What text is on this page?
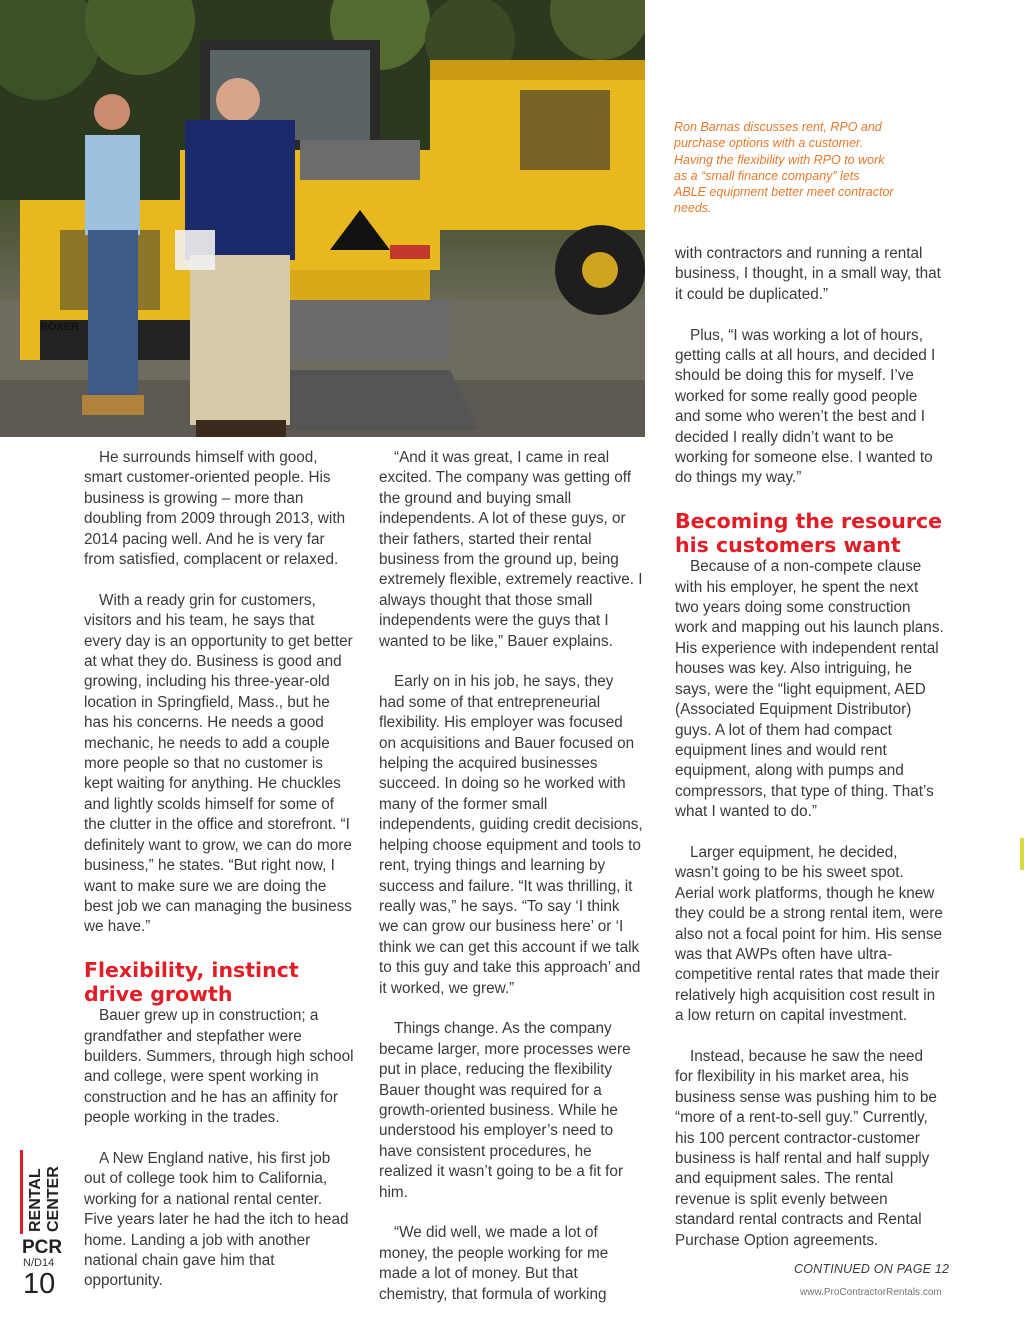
BOXER

Ron Barnas discusses rent, RPO and purchase options with a customer. Having the flexibility with RPO to work as a “small finance company” lets ABLE equipment better meet contractor needs.

He surrounds himself with good, smart customer-oriented people. His business is growing – more than doubling from 2009 through 2013, with 2014 pacing well. And he is very far from satisfied, complacent or relaxed.

With a ready grin for customers, visitors and his team, he says that every day is an opportunity to get better at what they do. Business is good and growing, including his three-year-old location in Springfield, Mass., but he has his concerns. He needs a good mechanic, he needs to add a couple more people so that no customer is kept waiting for anything. He chuckles and lightly scolds himself for some of the clutter in the office and storefront. “I definitely want to grow, we can do more business,” he states. “But right now, I want to make sure we are doing the best job we can managing the business we have.”

Flexibility, instinct drive growth

Bauer grew up in construction; a grandfather and stepfather were builders. Summers, through high school and college, were spent working in construction and he has an affinity for people working in the trades.

A New England native, his first job out of college took him to California, working for a national rental center. Five years later he had the itch to head home. Landing a job with another national chain gave him that opportunity.

“And it was great, I came in real excited. The company was getting off the ground and buying small independents. A lot of these guys, or their fathers, started their rental business from the ground up, being extremely flexible, extremely reactive. I always thought that those small independents were the guys that I wanted to be like,” Bauer explains.

Early on in his job, he says, they had some of that entrepreneurial flexibility. His employer was focused on acquisitions and Bauer focused on helping the acquired businesses succeed. In doing so he worked with many of the former small independents, guiding credit decisions, helping choose equipment and tools to rent, trying things and learning by success and failure. “It was thrilling, it really was,” he says. “To say ‘I think we can grow our business here’ or ‘I think we can get this account if we talk to this guy and take this approach’ and it worked, we grew.”

Things change. As the company became larger, more processes were put in place, reducing the flexibility Bauer thought was required for a growth-oriented business. While he understood his employer’s need to have consistent procedures, he realized it wasn’t going to be a fit for him.

“We did well, we made a lot of money, the people working for me made a lot of money. But that chemistry, that formula of working

with contractors and running a rental business, I thought, in a small way, that it could be duplicated.”

Plus, “I was working a lot of hours, getting calls at all hours, and decided I should be doing this for myself. I’ve worked for some really good people and some who weren’t the best and I decided I really didn’t want to be working for someone else. I wanted to do things my way.”

Becoming the resource his customers want

Because of a non-compete clause with his employer, he spent the next two years doing some construction work and mapping out his launch plans. His experience with independent rental houses was key. Also intriguing, he says, were the “light equipment, AED (Associated Equipment Distributor) guys. A lot of them had compact equipment lines and would rent equipment, along with pumps and compressors, that type of thing. That’s what I wanted to do.”

Larger equipment, he decided, wasn’t going to be his sweet spot. Aerial work platforms, though he knew they could be a strong rental item, were also not a focal point for him. His sense was that AWPs often have ultra-competitive rental rates that made their relatively high acquisition cost result in a low return on capital investment.

Instead, because he saw the need for flexibility in his market area, his business sense was pushing him to be “more of a rent-to-sell guy.” Currently, his 100 percent contractor-customer business is half rental and half supply and equipment sales. The rental revenue is split evenly between standard rental contracts and Rental Purchase Option agreements.

CONTINUED ON PAGE 12
www.ProContractorRentals.com
RENTAL CENTER
PCR
N/D14
10
